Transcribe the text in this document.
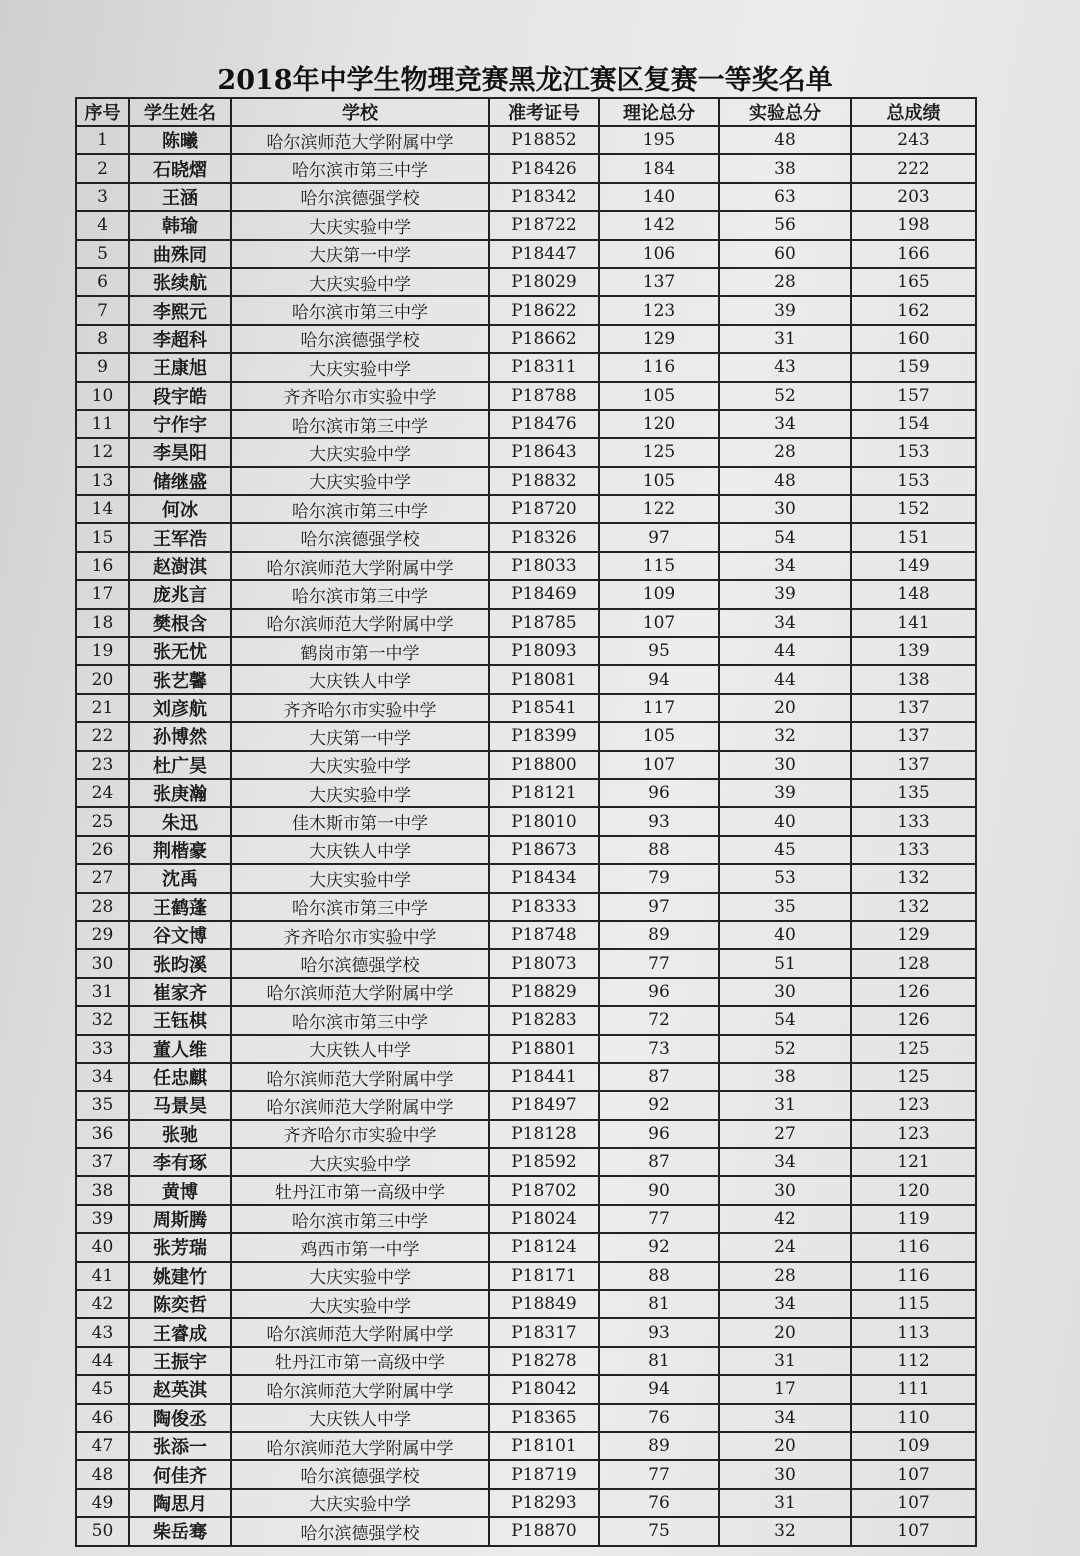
2018年中学生物理竞赛黑龙江赛区复赛一等奖名单
序号	学生姓名	学校	准考证号	理论总分	实验总分	总成绩
1	陈曦	哈尔滨师范大学附属中学	P18852	195	48	243
2	石晓熠	哈尔滨市第三中学	P18426	184	38	222
3	王涵	哈尔滨德强学校	P18342	140	63	203
4	韩瑜	大庆实验中学	P18722	142	56	198
5	曲殊同	大庆第一中学	P18447	106	60	166
6	张续航	大庆实验中学	P18029	137	28	165
7	李熙元	哈尔滨市第三中学	P18622	123	39	162
8	李超科	哈尔滨德强学校	P18662	129	31	160
9	王康旭	大庆实验中学	P18311	116	43	159
10	段宇皓	齐齐哈尔市实验中学	P18788	105	52	157
11	宁作宇	哈尔滨市第三中学	P18476	120	34	154
12	李昊阳	大庆实验中学	P18643	125	28	153
13	储继盛	大庆实验中学	P18832	105	48	153
14	何冰	哈尔滨市第三中学	P18720	122	30	152
15	王军浩	哈尔滨德强学校	P18326	97	54	151
16	赵澍淇	哈尔滨师范大学附属中学	P18033	115	34	149
17	庞兆言	哈尔滨市第三中学	P18469	109	39	148
18	樊根含	哈尔滨师范大学附属中学	P18785	107	34	141
19	张无忧	鹤岗市第一中学	P18093	95	44	139
20	张艺馨	大庆铁人中学	P18081	94	44	138
21	刘彦航	齐齐哈尔市实验中学	P18541	117	20	137
22	孙博然	大庆第一中学	P18399	105	32	137
23	杜广昊	大庆实验中学	P18800	107	30	137
24	张庚瀚	大庆实验中学	P18121	96	39	135
25	朱迅	佳木斯市第一中学	P18010	93	40	133
26	荆楷豪	大庆铁人中学	P18673	88	45	133
27	沈禹	大庆实验中学	P18434	79	53	132
28	王鹤蓬	哈尔滨市第三中学	P18333	97	35	132
29	谷文博	齐齐哈尔市实验中学	P18748	89	40	129
30	张昀溪	哈尔滨德强学校	P18073	77	51	128
31	崔家齐	哈尔滨师范大学附属中学	P18829	96	30	126
32	王钰棋	哈尔滨市第三中学	P18283	72	54	126
33	董人维	大庆铁人中学	P18801	73	52	125
34	任忠麒	哈尔滨师范大学附属中学	P18441	87	38	125
35	马景昊	哈尔滨师范大学附属中学	P18497	92	31	123
36	张驰	齐齐哈尔市实验中学	P18128	96	27	123
37	李有琢	大庆实验中学	P18592	87	34	121
38	黄博	牡丹江市第一高级中学	P18702	90	30	120
39	周斯腾	哈尔滨市第三中学	P18024	77	42	119
40	张芳瑞	鸡西市第一中学	P18124	92	24	116
41	姚建竹	大庆实验中学	P18171	88	28	116
42	陈奕哲	大庆实验中学	P18849	81	34	115
43	王睿成	哈尔滨师范大学附属中学	P18317	93	20	113
44	王振宇	牡丹江市第一高级中学	P18278	81	31	112
45	赵英淇	哈尔滨师范大学附属中学	P18042	94	17	111
46	陶俊丞	大庆铁人中学	P18365	76	34	110
47	张添一	哈尔滨师范大学附属中学	P18101	89	20	109
48	何佳齐	哈尔滨德强学校	P18719	77	30	107
49	陶思月	大庆实验中学	P18293	76	31	107
50	柴岳骞	哈尔滨德强学校	P18870	75	32	107
